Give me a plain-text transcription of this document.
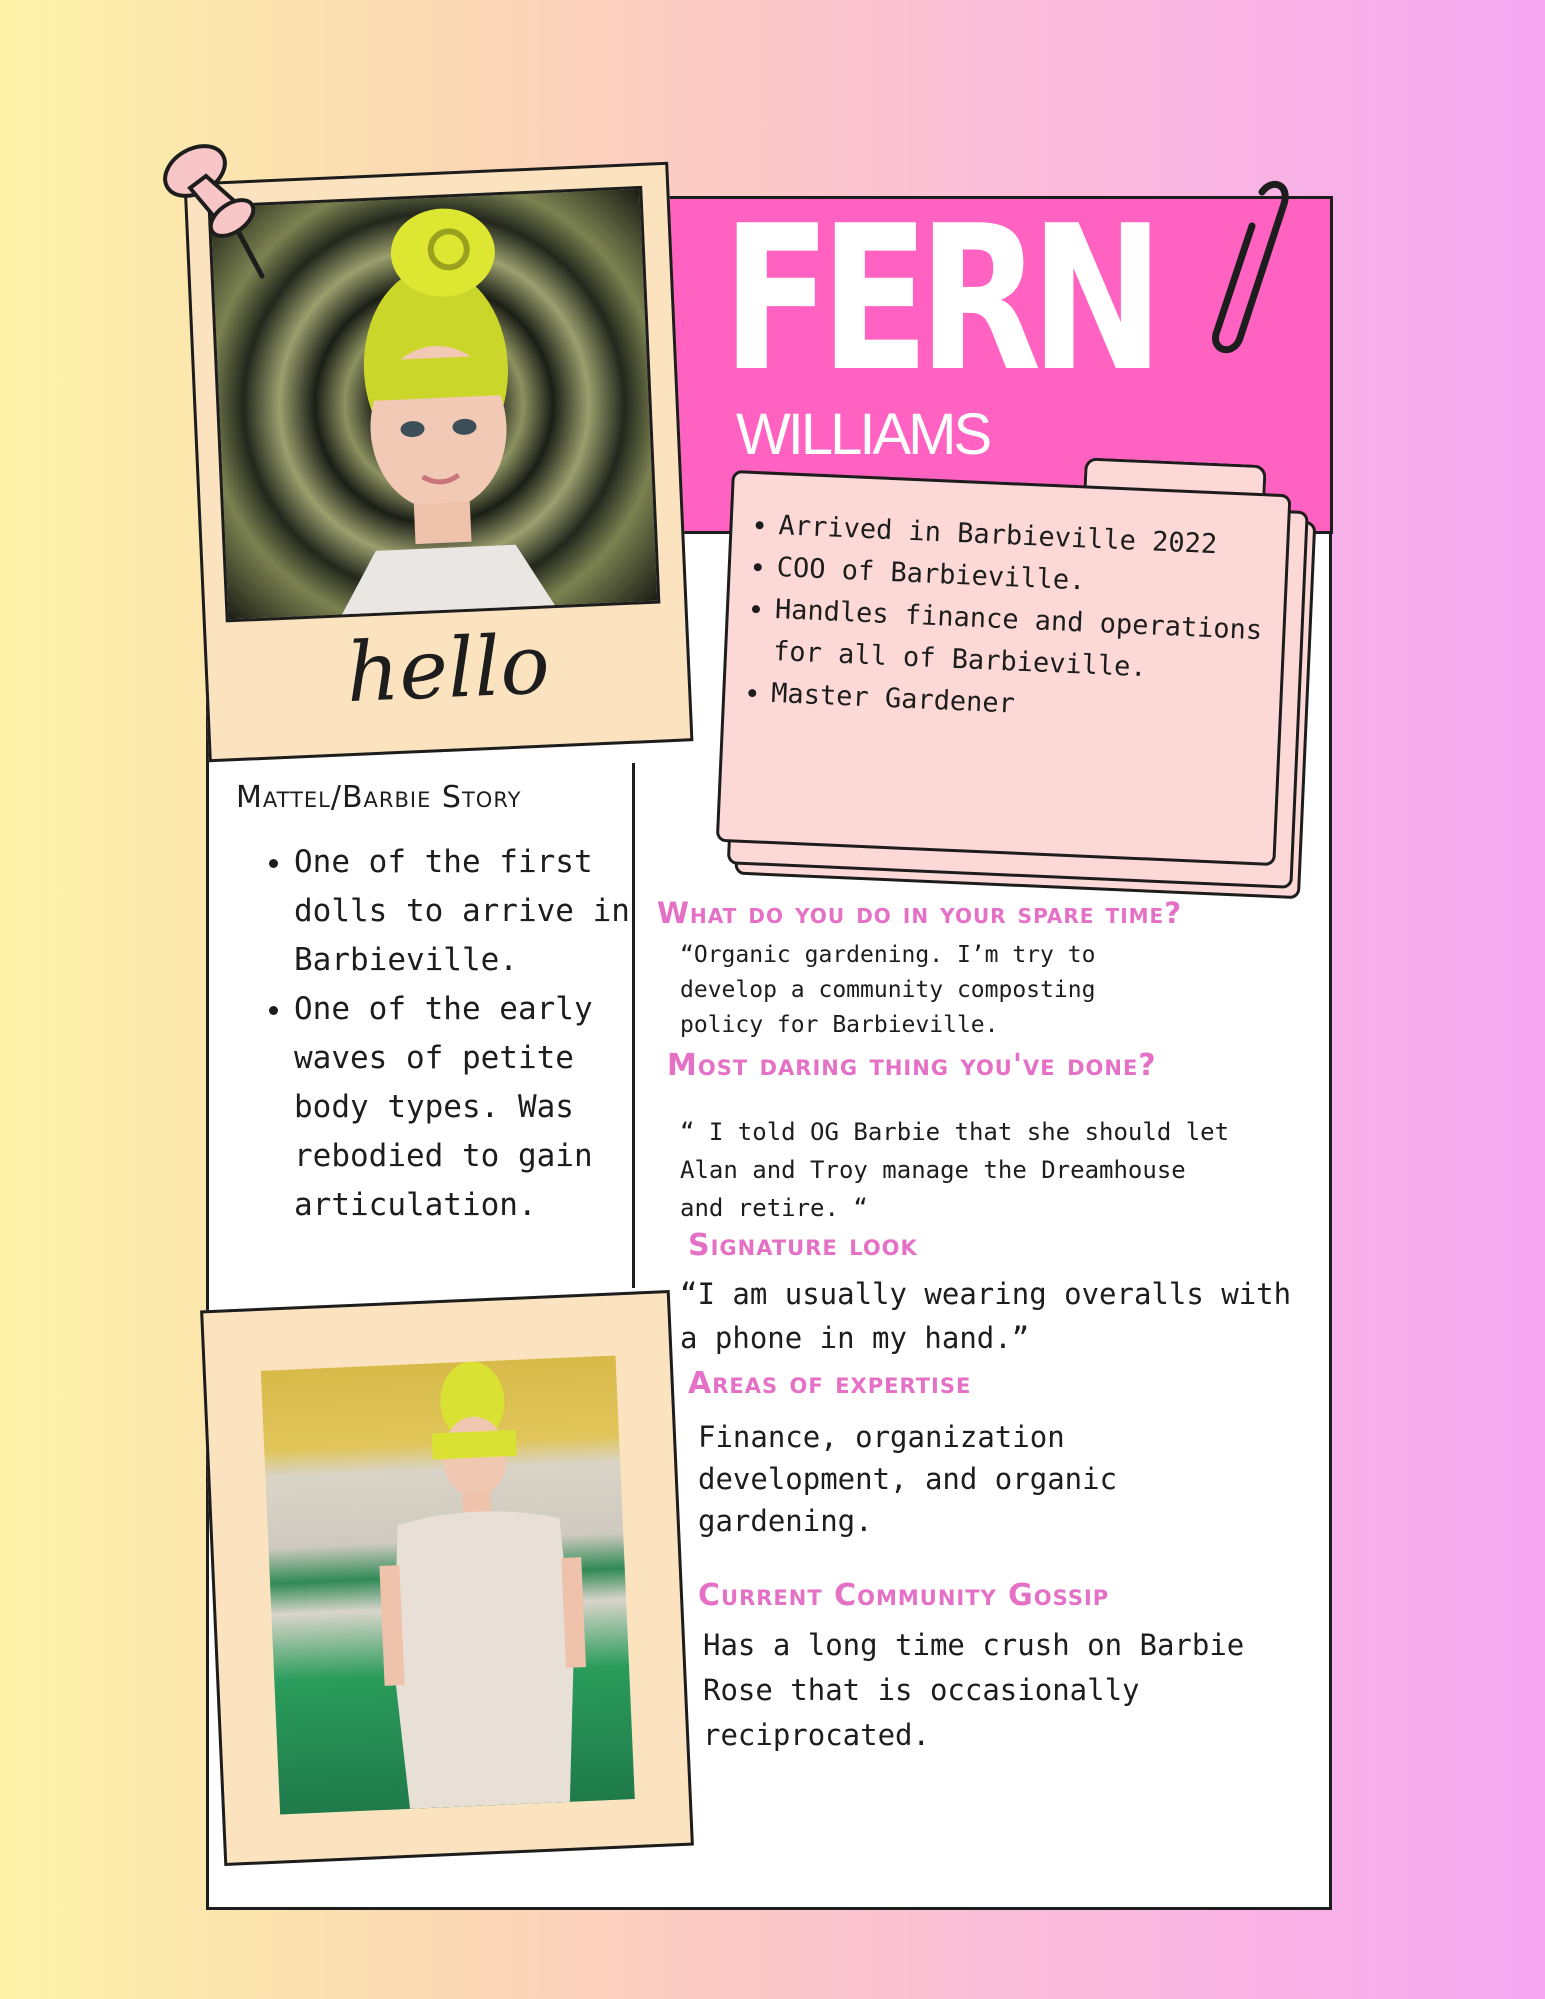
FERN
WILLIAMS
hello
• Arrived in Barbieville 2022
• COO of Barbieville.
• Handles finance and operations for all of Barbieville.
• Master Gardener
Mattel/Barbie Story
• One of the first dolls to arrive in Barbieville.
• One of the early waves of petite body types. Was rebodied to gain articulation.
What do you do in your spare time?
“Organic gardening. I’m try to develop a community composting policy for Barbieville.
Most daring thing you've done?
“ I told OG Barbie that she should let Alan and Troy manage the Dreamhouse and retire. “
Signature look
“I am usually wearing overalls with a phone in my hand.”
Areas of expertise
Finance, organization development, and organic gardening.
Current Community Gossip
Has a long time crush on Barbie Rose that is occasionally reciprocated.
